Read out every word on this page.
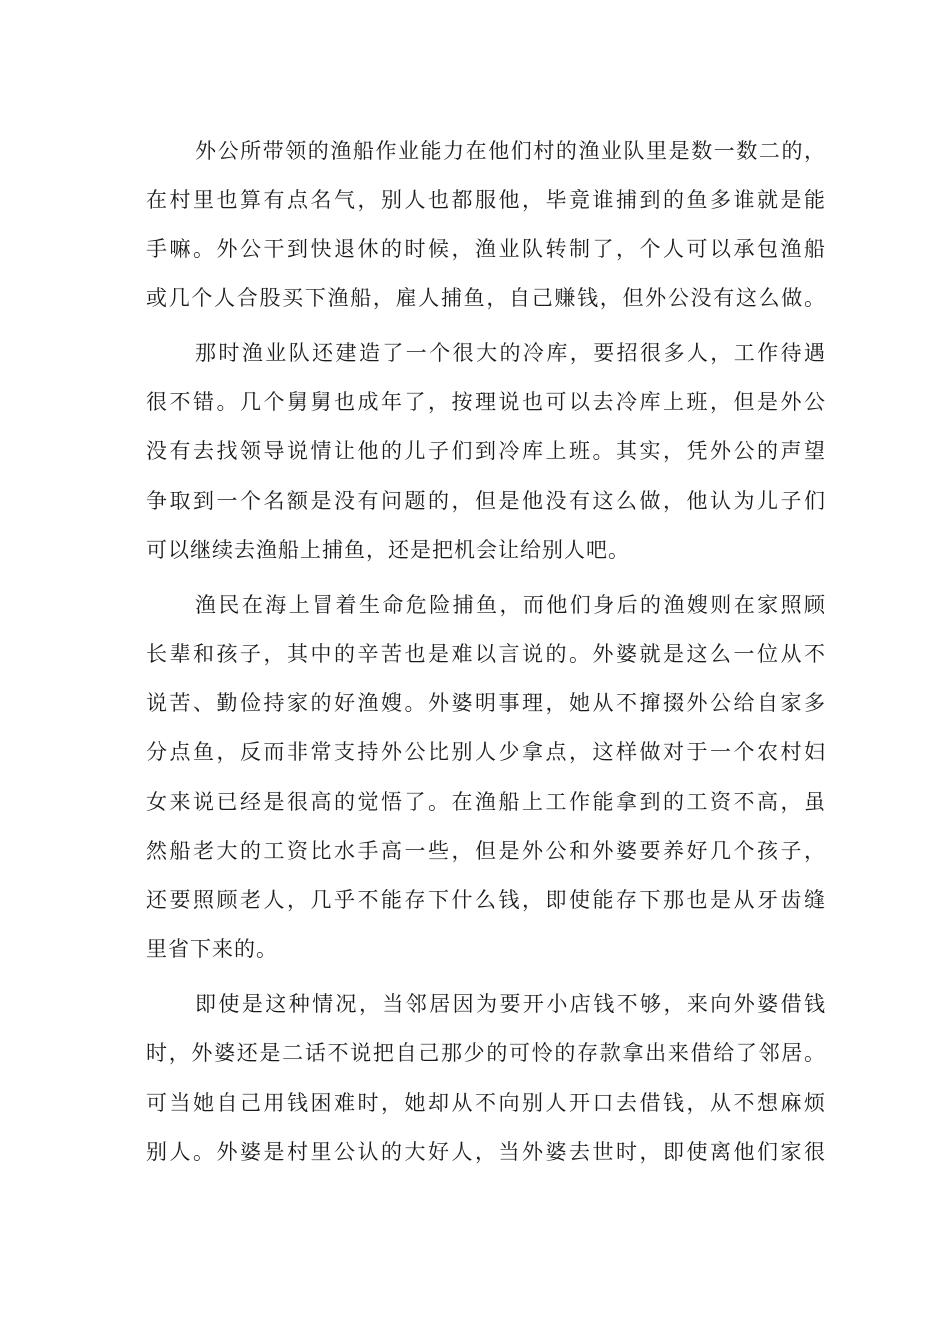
外公所带领的渔船作业能力在他们村的渔业队里是数一数二的，
在村里也算有点名气，别人也都服他，毕竟谁捕到的鱼多谁就是能
手嘛。外公干到快退休的时候，渔业队转制了，个人可以承包渔船
或几个人合股买下渔船，雇人捕鱼，自己赚钱，但外公没有这么做。
那时渔业队还建造了一个很大的冷库，要招很多人，工作待遇
很不错。几个舅舅也成年了，按理说也可以去冷库上班，但是外公
没有去找领导说情让他的儿子们到冷库上班。其实，凭外公的声望
争取到一个名额是没有问题的，但是他没有这么做，他认为儿子们
可以继续去渔船上捕鱼，还是把机会让给别人吧。
渔民在海上冒着生命危险捕鱼，而他们身后的渔嫂则在家照顾
长辈和孩子，其中的辛苦也是难以言说的。外婆就是这么一位从不
说苦、勤俭持家的好渔嫂。外婆明事理，她从不撺掇外公给自家多
分点鱼，反而非常支持外公比别人少拿点，这样做对于一个农村妇
女来说已经是很高的觉悟了。在渔船上工作能拿到的工资不高，虽
然船老大的工资比水手高一些，但是外公和外婆要养好几个孩子，
还要照顾老人，几乎不能存下什么钱，即使能存下那也是从牙齿缝
里省下来的。
即使是这种情况，当邻居因为要开小店钱不够，来向外婆借钱
时，外婆还是二话不说把自己那少的可怜的存款拿出来借给了邻居。
可当她自己用钱困难时，她却从不向别人开口去借钱，从不想麻烦
别人。外婆是村里公认的大好人，当外婆去世时，即使离他们家很
